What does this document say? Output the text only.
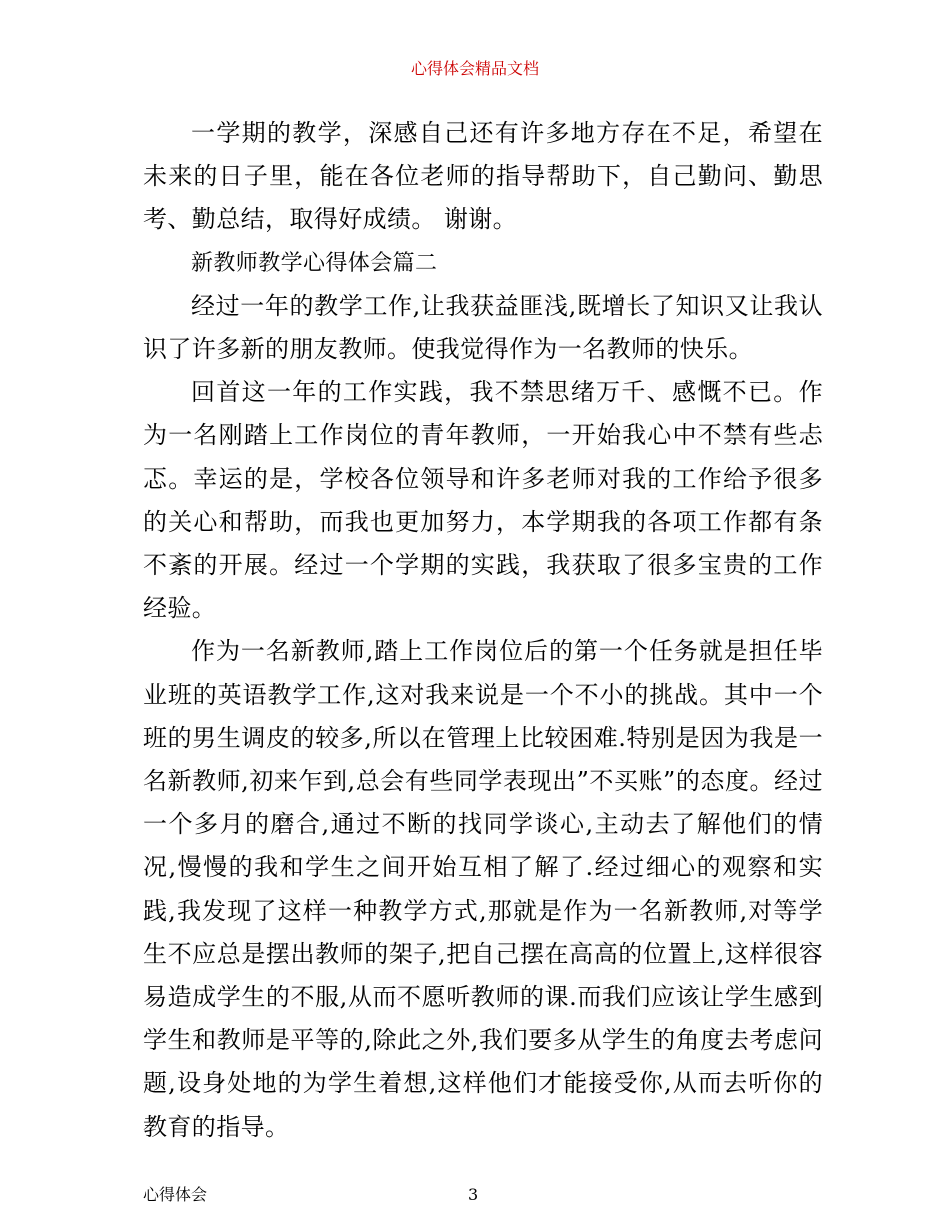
心得体会精品文档

一学期的教学，深感自己还有许多地方存在不足，希望在未来的日子里，能在各位老师的指导帮助下，自己勤问、勤思考、勤总结，取得好成绩。 谢谢。

新教师教学心得体会篇二

经过一年的教学工作,让我获益匪浅,既增长了知识又让我认识了许多新的朋友教师。使我觉得作为一名教师的快乐。

回首这一年的工作实践，我不禁思绪万千、感慨不已。作为一名刚踏上工作岗位的青年教师，一开始我心中不禁有些忐忑。幸运的是，学校各位领导和许多老师对我的工作给予很多的关心和帮助，而我也更加努力，本学期我的各项工作都有条不紊的开展。经过一个学期的实践，我获取了很多宝贵的工作经验。

作为一名新教师,踏上工作岗位后的第一个任务就是担任毕业班的英语教学工作,这对我来说是一个不小的挑战。其中一个班的男生调皮的较多,所以在管理上比较困难.特别是因为我是一名新教师,初来乍到,总会有些同学表现出”不买账”的态度。经过一个多月的磨合,通过不断的找同学谈心,主动去了解他们的情况,慢慢的我和学生之间开始互相了解了.经过细心的观察和实践,我发现了这样一种教学方式,那就是作为一名新教师,对等学生不应总是摆出教师的架子,把自己摆在高高的位置上,这样很容易造成学生的不服,从而不愿听教师的课.而我们应该让学生感到学生和教师是平等的,除此之外,我们要多从学生的角度去考虑问题,设身处地的为学生着想,这样他们才能接受你,从而去听你的教育的指导。

心得体会	3
